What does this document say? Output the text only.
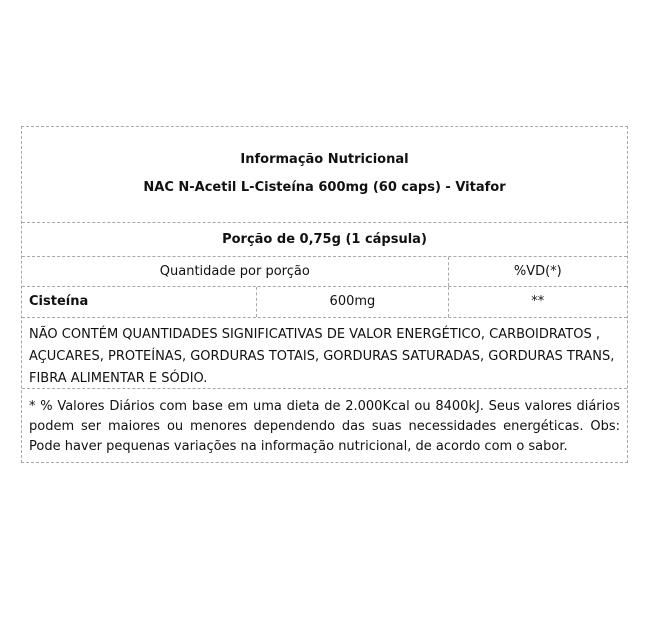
Informação Nutricional
NAC N-Acetil L-Cisteína 600mg (60 caps) - Vitafor
Porção de 0,75g (1 cápsula)
Quantidade por porção	%VD(*)
Cisteína	600mg	**
NÃO CONTÉM QUANTIDADES SIGNIFICATIVAS DE VALOR ENERGÉTICO, CARBOIDRATOS ,
AÇUCARES, PROTEÍNAS, GORDURAS TOTAIS, GORDURAS SATURADAS, GORDURAS TRANS,
FIBRA ALIMENTAR E SÓDIO.
* % Valores Diários com base em uma dieta de 2.000Kcal ou 8400kJ. Seus valores diários podem ser maiores ou menores dependendo das suas necessidades energéticas. Obs: Pode haver pequenas variações na informação nutricional, de acordo com o sabor.
